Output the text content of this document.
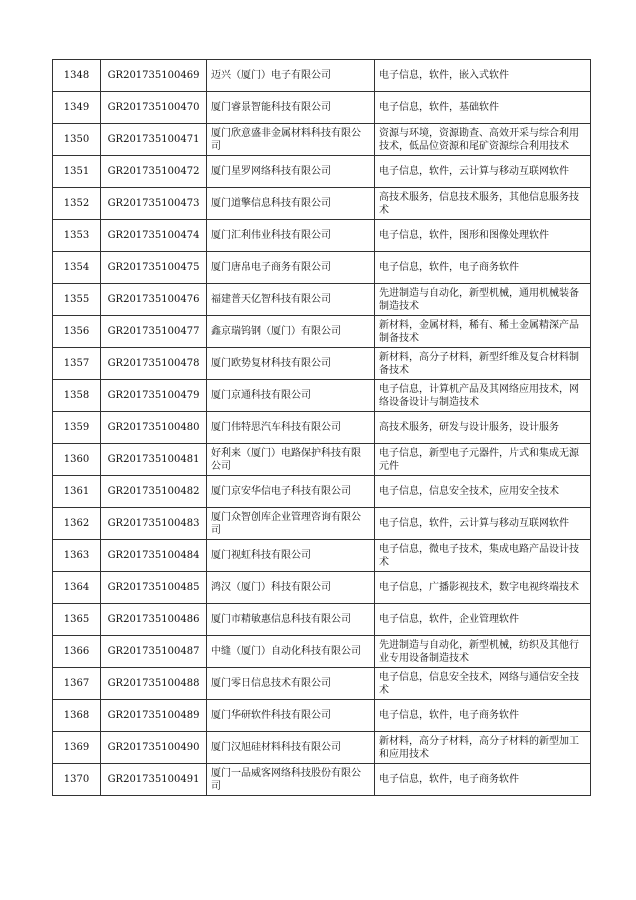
1348	GR201735100469	迈兴（厦门）电子有限公司	电子信息，软件，嵌入式软件
1349	GR201735100470	厦门睿景智能科技有限公司	电子信息，软件，基础软件
1350	GR201735100471	厦门欣意盛非金属材料科技有限公司	资源与环境，资源勘查、高效开采与综合利用技术，低品位资源和尾矿资源综合利用技术
1351	GR201735100472	厦门星罗网络科技有限公司	电子信息，软件，云计算与移动互联网软件
1352	GR201735100473	厦门道擎信息科技有限公司	高技术服务，信息技术服务，其他信息服务技术
1353	GR201735100474	厦门汇利伟业科技有限公司	电子信息，软件，图形和图像处理软件
1354	GR201735100475	厦门唐帛电子商务有限公司	电子信息，软件，电子商务软件
1355	GR201735100476	福建普天亿智科技有限公司	先进制造与自动化，新型机械，通用机械装备制造技术
1356	GR201735100477	鑫京瑞钨钢（厦门）有限公司	新材料，金属材料，稀有、稀土金属精深产品制备技术
1357	GR201735100478	厦门欧势复材科技有限公司	新材料，高分子材料，新型纤维及复合材料制备技术
1358	GR201735100479	厦门京通科技有限公司	电子信息，计算机产品及其网络应用技术，网络设备设计与制造技术
1359	GR201735100480	厦门伟特思汽车科技有限公司	高技术服务，研发与设计服务，设计服务
1360	GR201735100481	好利来（厦门）电路保护科技有限公司	电子信息，新型电子元器件，片式和集成无源元件
1361	GR201735100482	厦门京安华信电子科技有限公司	电子信息，信息安全技术，应用安全技术
1362	GR201735100483	厦门众智创库企业管理咨询有限公司	电子信息，软件，云计算与移动互联网软件
1363	GR201735100484	厦门视虹科技有限公司	电子信息，微电子技术，集成电路产品设计技术
1364	GR201735100485	鸿汉（厦门）科技有限公司	电子信息，广播影视技术，数字电视终端技术
1365	GR201735100486	厦门市精敏惠信息科技有限公司	电子信息，软件，企业管理软件
1366	GR201735100487	中缝（厦门）自动化科技有限公司	先进制造与自动化，新型机械，纺织及其他行业专用设备制造技术
1367	GR201735100488	厦门零日信息技术有限公司	电子信息，信息安全技术，网络与通信安全技术
1368	GR201735100489	厦门华研软件科技有限公司	电子信息，软件，电子商务软件
1369	GR201735100490	厦门汉旭硅材料科技有限公司	新材料，高分子材料，高分子材料的新型加工和应用技术
1370	GR201735100491	厦门一品威客网络科技股份有限公司	电子信息，软件，电子商务软件
